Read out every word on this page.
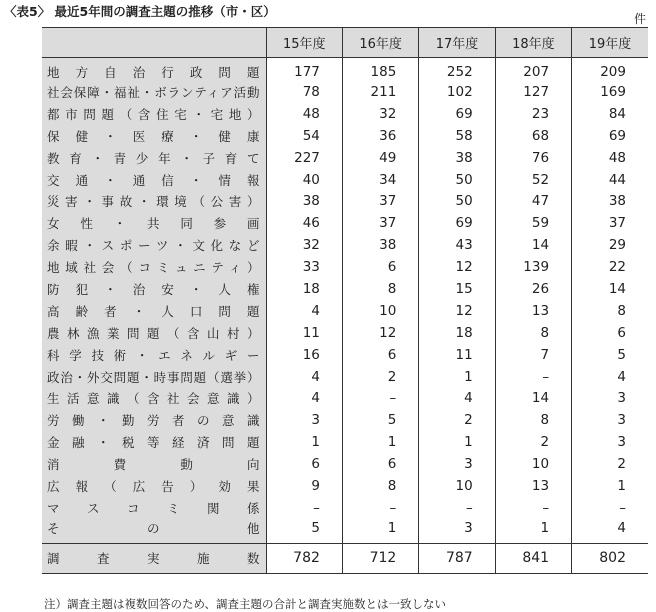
〈表5〉 最近5年間の調査主題の推移（市・区）	件
	15年度	16年度	17年度	18年度	19年度
地方自治行政問題	177	185	252	207	209
社会保障・福祉・ボランティア活動	78	211	102	127	169
都市問題（含住宅・宅地）	48	32	69	23	84
保健・医療・健康	54	36	58	68	69
教育・青少年・子育て	227	49	38	76	48
交通・通信・情報	40	34	50	52	44
災害・事故・環境（公害）	38	37	50	47	38
女性・共同参画	46	37	69	59	37
余暇・スポーツ・文化など	32	38	43	14	29
地域社会（コミュニティ）	33	6	12	139	22
防犯・治安・人権	18	8	15	26	14
高齢者・人口問題	4	10	12	13	8
農林漁業問題（含山村）	11	12	18	8	6
科学技術・エネルギー	16	6	11	7	5
政治・外交問題・時事問題（選挙）	4	2	1	–	4
生活意識（含社会意識）	4	–	4	14	3
労働・勤労者の意識	3	5	2	8	3
金融・税等経済問題	1	1	1	2	3
消費動向	6	6	3	10	2
広報（広告）効果	9	8	10	13	1
マスコミ関係	–	–	–	–	–
その他	5	1	3	1	4
調査実施数	782	712	787	841	802
注）調査主題は複数回答のため、調査主題の合計と調査実施数とは一致しない
